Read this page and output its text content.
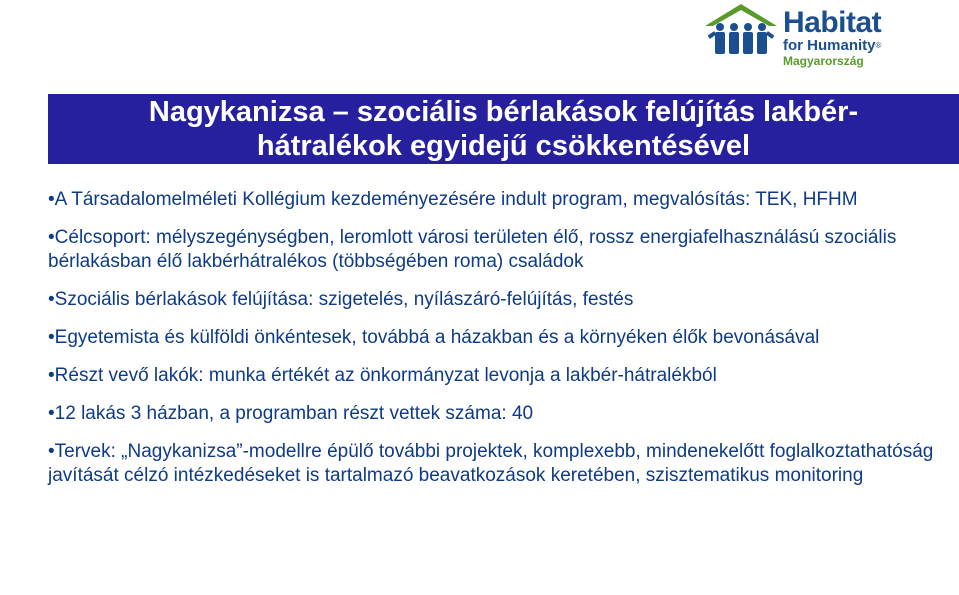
Habitat
for Humanity®
Magyarország
Nagykanizsa – szociális bérlakások felújítás lakbér-
hátralékok egyidejű csökkentésével
•A Társadalomelméleti Kollégium kezdeményezésére indult program, megvalósítás: TEK, HFHM
•Célcsoport: mélyszegénységben, leromlott városi területen élő, rossz energiafelhasználású szociális bérlakásban élő lakbérhátralékos (többségében roma) családok
•Szociális bérlakások felújítása: szigetelés, nyílászáró-felújítás, festés
•Egyetemista és külföldi önkéntesek, továbbá a házakban és a környéken élők bevonásával
•Részt vevő lakók: munka értékét az önkormányzat levonja a lakbér-hátralékból
•12 lakás 3 házban, a programban részt vettek száma: 40
•Tervek: „Nagykanizsa”-modellre épülő további projektek, komplexebb, mindenekelőtt foglalkoztathatóság javítását célzó intézkedéseket is tartalmazó beavatkozások keretében, szisztematikus monitoring
